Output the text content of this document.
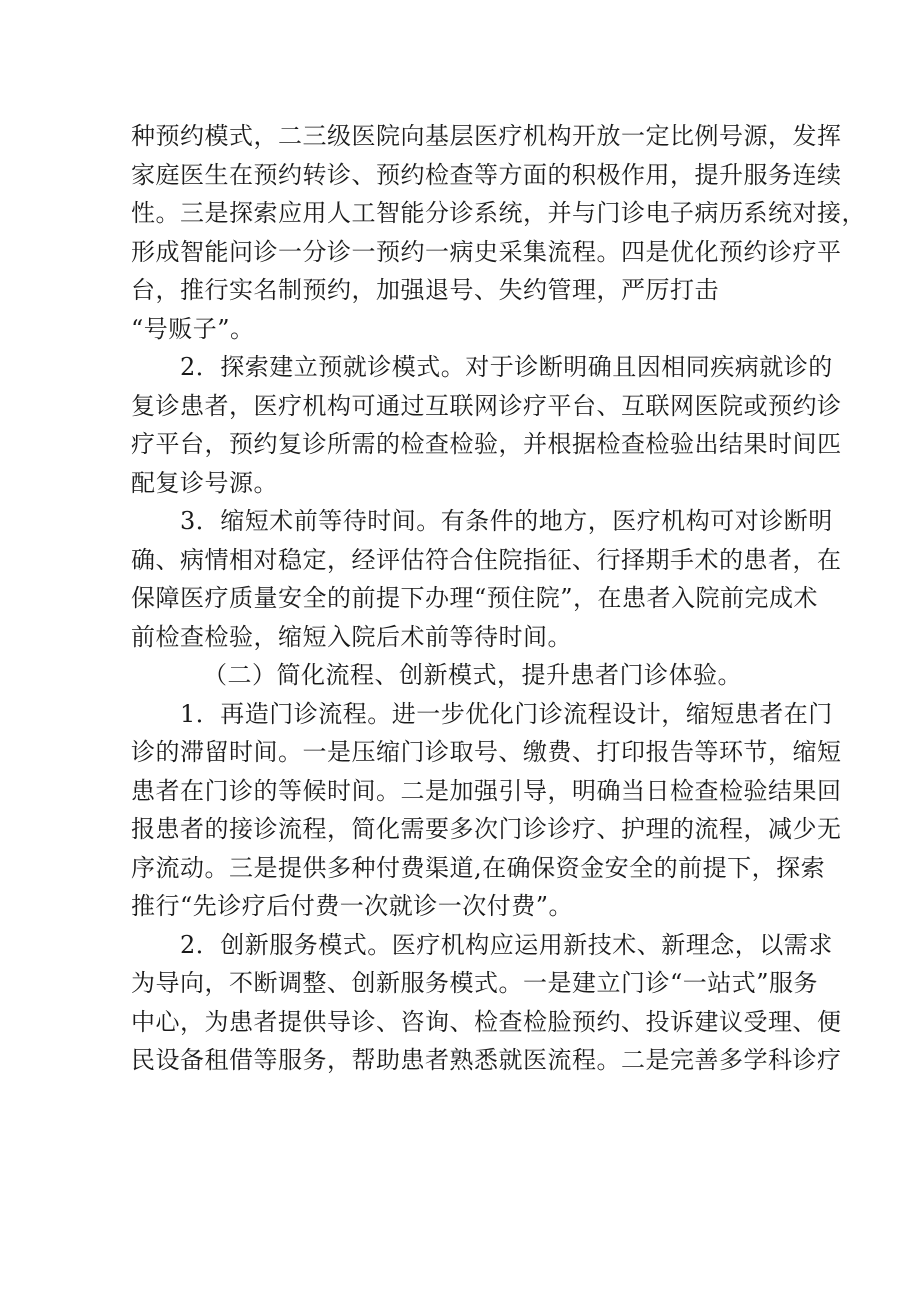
种预约模式，二三级医院向基层医疗机构开放一定比例号源，发挥

家庭医生在预约转诊、预约检查等方面的积极作用，提升服务连续

性。三是探索应用人工智能分诊系统，并与门诊电子病历系统对接，

形成智能问诊一分诊一预约一病史采集流程。四是优化预约诊疗平

台，推行实名制预约，加强退号、失约管理，严厉打击

“号贩子”。

2．探索建立预就诊模式。对于诊断明确且因相同疾病就诊的

复诊患者，医疗机构可通过互联网诊疗平台、互联网医院或预约诊

疗平台，预约复诊所需的检查检验，并根据检查检验出结果时间匹

配复诊号源。

3．缩短术前等待时间。有条件的地方，医疗机构可对诊断明

确、病情相对稳定，经评估符合住院指征、行择期手术的患者，在

保障医疗质量安全的前提下办理“预住院”，在患者入院前完成术

前检查检验，缩短入院后术前等待时间。

（二）简化流程、创新模式，提升患者门诊体验。

1．再造门诊流程。进一步优化门诊流程设计，缩短患者在门

诊的滞留时间。一是压缩门诊取号、缴费、打印报告等环节，缩短

患者在门诊的等候时间。二是加强引导，明确当日检查检验结果回

报患者的接诊流程，简化需要多次门诊诊疗、护理的流程，减少无

序流动。三是提供多种付费渠道,在确保资金安全的前提下，探索

推行“先诊疗后付费一次就诊一次付费”。

2．创新服务模式。医疗机构应运用新技术、新理念，以需求

为导向，不断调整、创新服务模式。一是建立门诊“一站式”服务

中心，为患者提供导诊、咨询、检查检脸预约、投诉建议受理、便

民设备租借等服务，帮助患者熟悉就医流程。二是完善多学科诊疗
